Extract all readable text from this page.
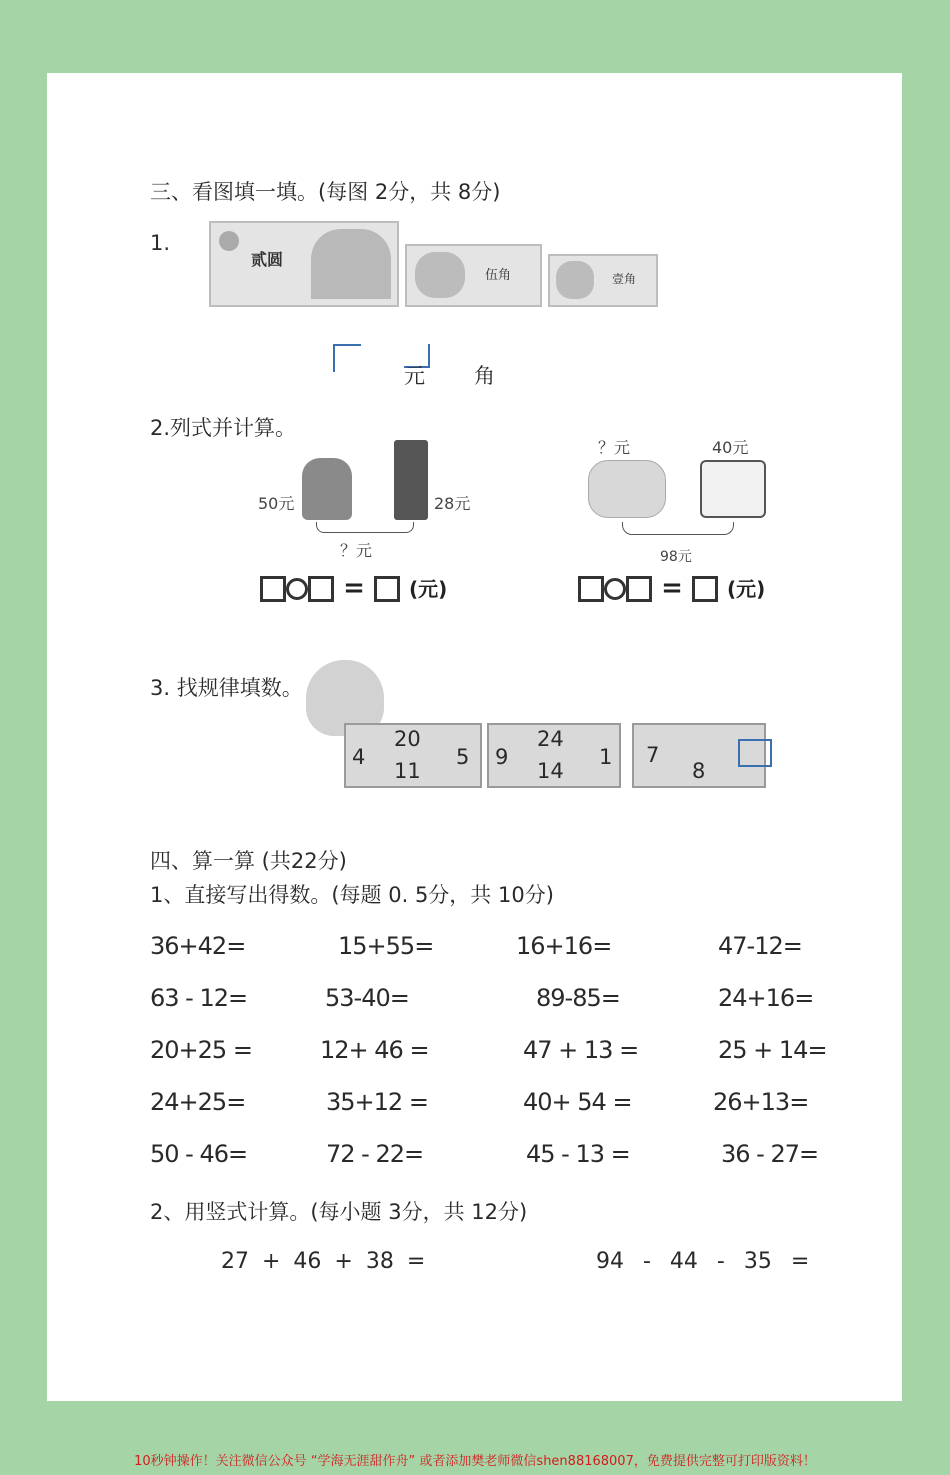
三、看图填一填。(每图 2分，共 8分)
1.
贰圆
伍角	壹角
元 角
2.列式并计算。
50元	28元
？元
= (元)
？元	40元
98元
= (元)
3. 找规律填数。
20
4
11
5
24
9
14
1 7
8
四、算一算 (共22分)
1、直接写出得数。(每题 0. 5分，共 10分)
36+42=	15+55=	16+16=	47-12=
63 - 12=	53-40=	89-85=	24+16=
20+25 =	12+ 46 =	47 + 13 =	25 + 14=
24+25=	35+12 =	40+ 54 =	26+13=
50 - 46=	72 - 22=	45 - 13 =	36 - 27=
2、用竖式计算。(每小题 3分，共 12分)
27 + 46 + 38 =	94 - 44 - 35 =
10秒钟操作！关注微信公众号 “学海无涯甜作舟” 或者添加樊老师微信shen88168007，免费提供完整可打印版资料！
